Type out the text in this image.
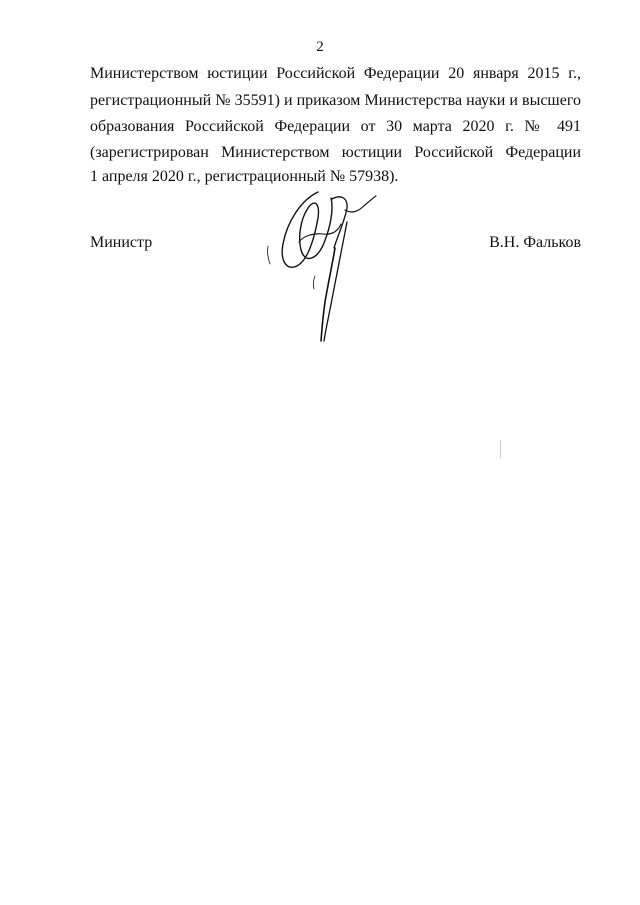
2
Министерством юстиции Российской Федерации 20 января 2015 г.,
регистрационный № 35591) и приказом Министерства науки и высшего
образования Российской Федерации от 30 марта 2020 г. № 491
(зарегистрирован Министерством юстиции Российской Федерации
1 апреля 2020 г., регистрационный № 57938).
Министр	В.Н. Фальков
